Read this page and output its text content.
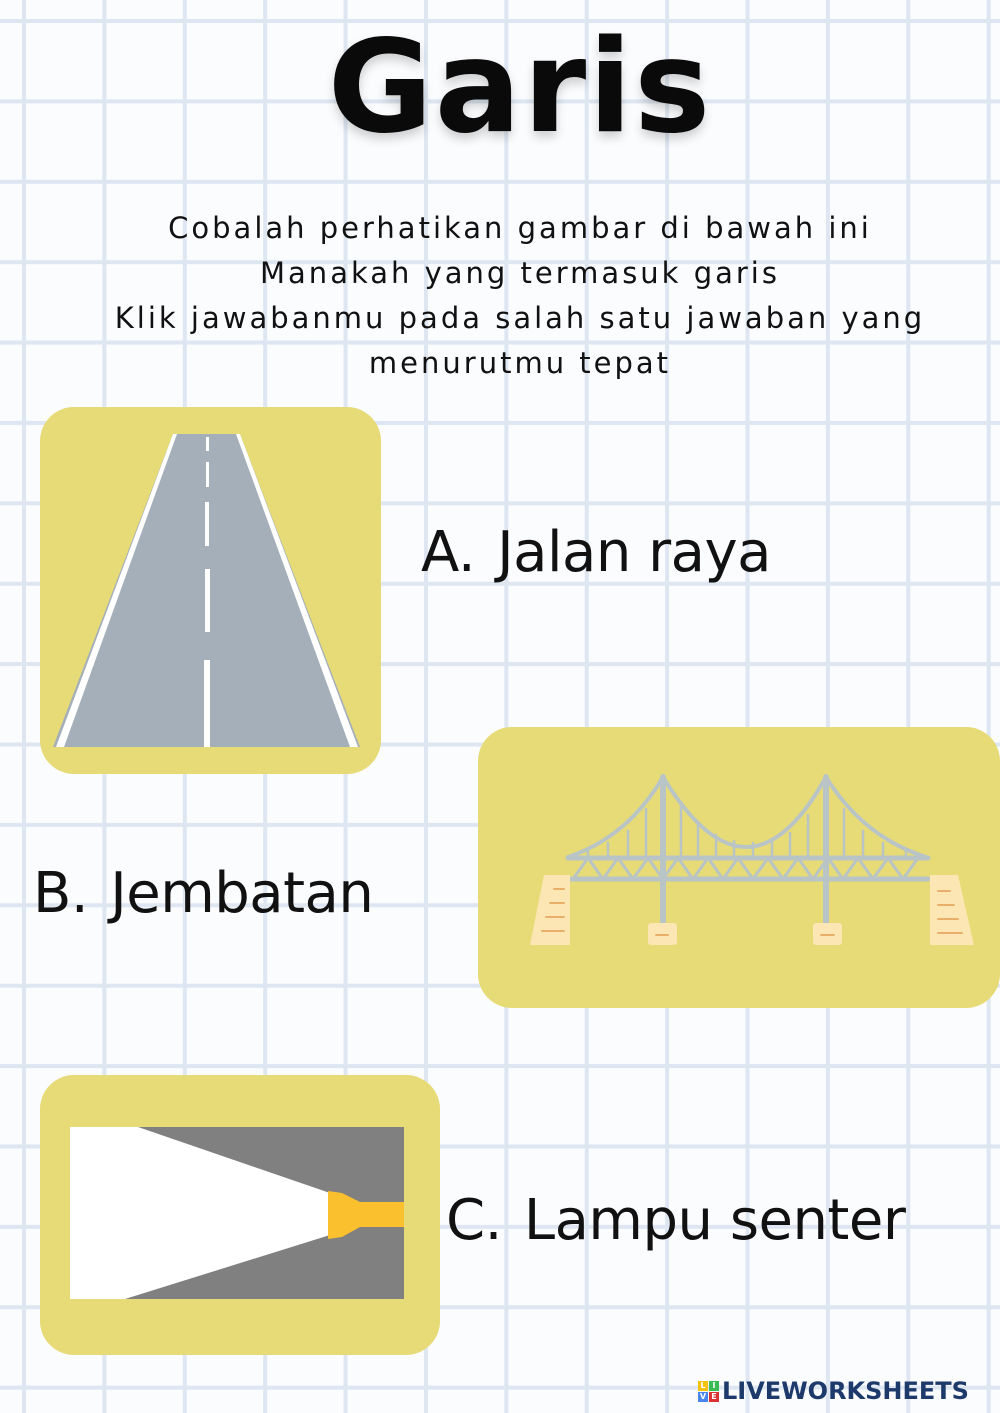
Garis
Cobalah perhatikan gambar di bawah ini
Manakah yang termasuk garis
Klik jawabanmu pada salah satu jawaban yang
menurutmu tepat
A. Jalan raya
B. Jembatan
C. Lampu senter
L I
V E LIVEWORKSHEETS
